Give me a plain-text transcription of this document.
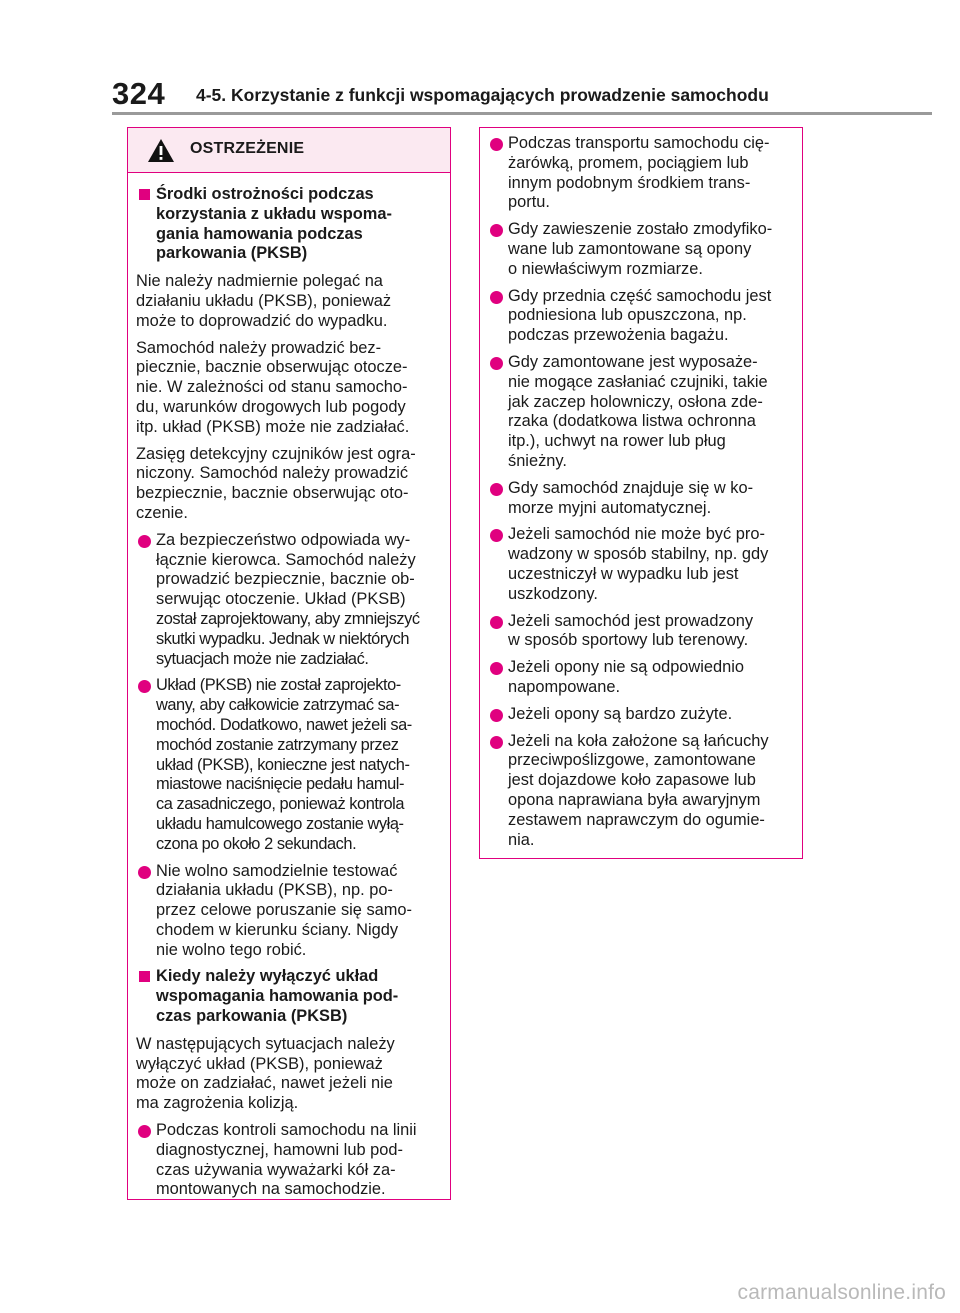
324 4-5. Korzystanie z funkcji wspomagających prowadzenie samochodu
OSTRZEŻENIE
Środki ostrożności podczas
korzystania z układu wspoma-
gania hamowania podczas
parkowania (PKSB)
Nie należy nadmiernie polegać na
działaniu układu (PKSB), ponieważ
może to doprowadzić do wypadku.
Samochód należy prowadzić bez-
piecznie, bacznie obserwując otocze-
nie. W zależności od stanu samocho-
du, warunków drogowych lub pogody
itp. układ (PKSB) może nie zadziałać.
Zasięg detekcyjny czujników jest ogra-
niczony. Samochód należy prowadzić
bezpiecznie, bacznie obserwując oto-
czenie.
Za bezpieczeństwo odpowiada wy-
łącznie kierowca. Samochód należy
prowadzić bezpiecznie, bacznie ob-
serwując otoczenie. Układ (PKSB)
został zaprojektowany, aby zmniejszyć
skutki wypadku. Jednak w niektórych
sytuacjach może nie zadziałać.
Układ (PKSB) nie został zaprojekto-
wany, aby całkowicie zatrzymać sa-
mochód. Dodatkowo, nawet jeżeli sa-
mochód zostanie zatrzymany przez
układ (PKSB), konieczne jest natych-
miastowe naciśnięcie pedału hamul-
ca zasadniczego, ponieważ kontrola
układu hamulcowego zostanie wyłą-
czona po około 2 sekundach.
Nie wolno samodzielnie testować
działania układu (PKSB), np. po-
przez celowe poruszanie się samo-
chodem w kierunku ściany. Nigdy
nie wolno tego robić.
Kiedy należy wyłączyć układ
wspomagania hamowania pod-
czas parkowania (PKSB)
W następujących sytuacjach należy
wyłączyć układ (PKSB), ponieważ
może on zadziałać, nawet jeżeli nie
ma zagrożenia kolizją.
Podczas kontroli samochodu na linii
diagnostycznej, hamowni lub pod-
czas używania wyważarki kół za-
montowanych na samochodzie.
Podczas transportu samochodu cię-
żarówką, promem, pociągiem lub
innym podobnym środkiem trans-
portu.
Gdy zawieszenie zostało zmodyfiko-
wane lub zamontowane są opony
o niewłaściwym rozmiarze.
Gdy przednia część samochodu jest
podniesiona lub opuszczona, np.
podczas przewożenia bagażu.
Gdy zamontowane jest wyposaże-
nie mogące zasłaniać czujniki, takie
jak zaczep holowniczy, osłona zde-
rzaka (dodatkowa listwa ochronna
itp.), uchwyt na rower lub pług
śnieżny.
Gdy samochód znajduje się w ko-
morze myjni automatycznej.
Jeżeli samochód nie może być pro-
wadzony w sposób stabilny, np. gdy
uczestniczył w wypadku lub jest
uszkodzony.
Jeżeli samochód jest prowadzony
w sposób sportowy lub terenowy.
Jeżeli opony nie są odpowiednio
napompowane.
Jeżeli opony są bardzo zużyte.
Jeżeli na koła założone są łańcuchy
przeciwpoślizgowe, zamontowane
jest dojazdowe koło zapasowe lub
opona naprawiana była awaryjnym
zestawem naprawczym do ogumie-
nia.
carmanualsonline.info
